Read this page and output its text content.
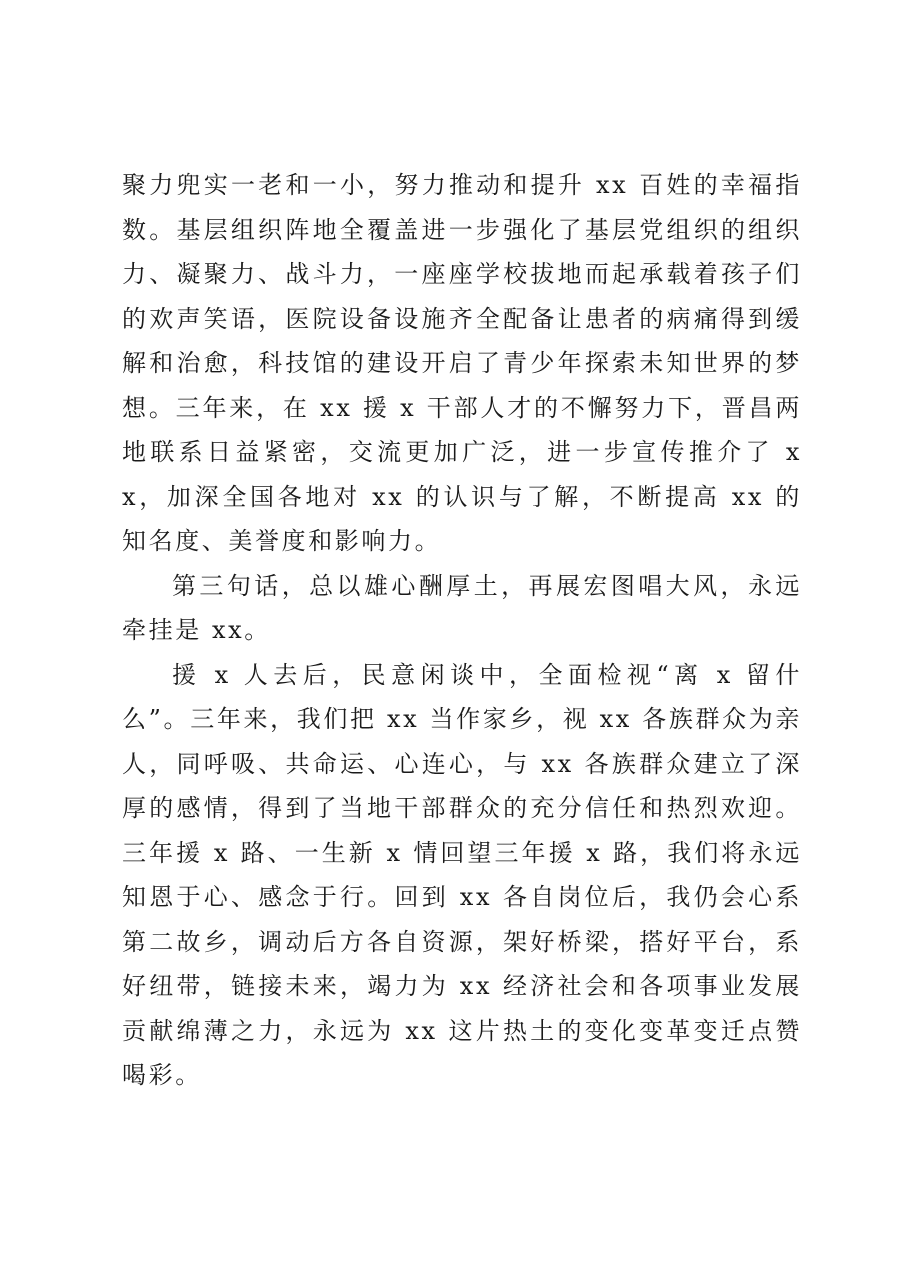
聚力兜实一老和一小，努力推动和提升 xx 百姓的幸福指数。基层组织阵地全覆盖进一步强化了基层党组织的组织力、凝聚力、战斗力，一座座学校拔地而起承载着孩子们的欢声笑语，医院设备设施齐全配备让患者的病痛得到缓解和治愈，科技馆的建设开启了青少年探索未知世界的梦想。三年来，在 xx 援 x 干部人才的不懈努力下，晋昌两地联系日益紧密，交流更加广泛，进一步宣传推介了 xx，加深全国各地对 xx 的认识与了解，不断提高 xx 的知名度、美誉度和影响力。

第三句话，总以雄心酬厚土，再展宏图唱大风，永远牵挂是 xx。

援 x 人去后，民意闲谈中，全面检视“离 x 留什么”。三年来，我们把 xx 当作家乡，视 xx 各族群众为亲人，同呼吸、共命运、心连心，与 xx 各族群众建立了深厚的感情，得到了当地干部群众的充分信任和热烈欢迎。三年援 x 路、一生新 x 情回望三年援 x 路，我们将永远知恩于心、感念于行。回到 xx 各自岗位后，我仍会心系第二故乡，调动后方各自资源，架好桥梁，搭好平台，系好纽带，链接未来，竭力为 xx 经济社会和各项事业发展贡献绵薄之力，永远为 xx 这片热土的变化变革变迁点赞喝彩。
